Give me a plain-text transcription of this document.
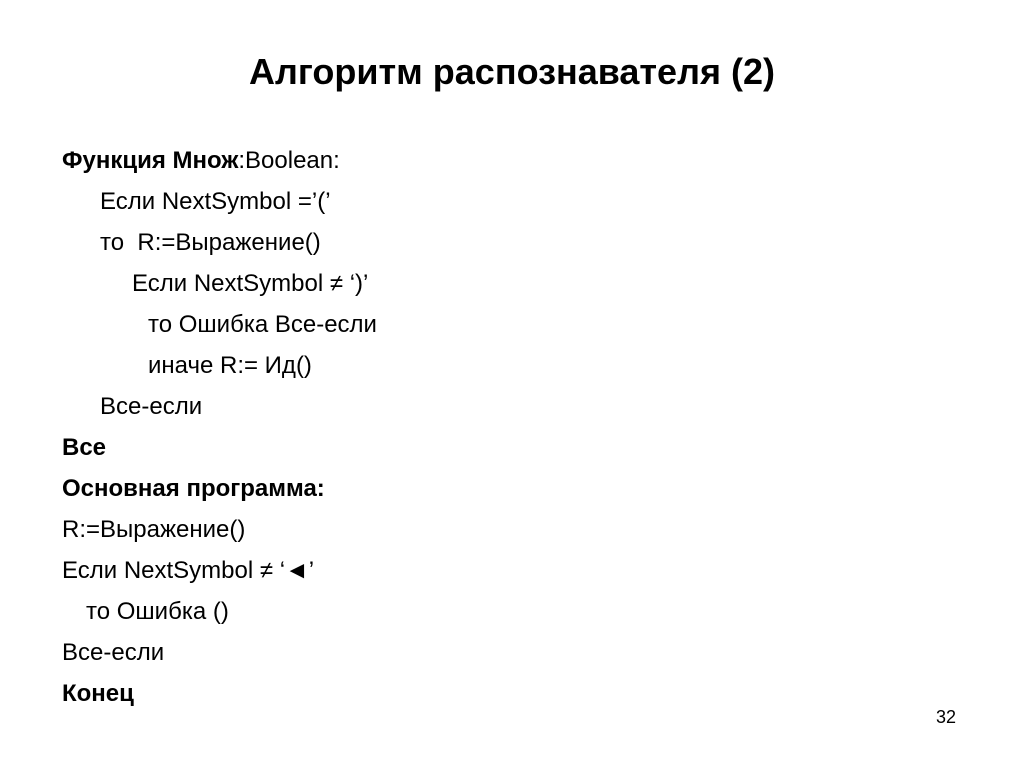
Алгоритм распознавателя (2)
Функция Множ:Boolean:
Если NextSymbol =’(’
то  R:=Выражение()
Если NextSymbol ≠ ‘)’
то Ошибка Все-если
иначе R:= Ид()
Все-если
Все
Основная программа:
R:=Выражение()
Если NextSymbol ≠ ‘◄’
то Ошибка ()
Все-если
Конец
32
